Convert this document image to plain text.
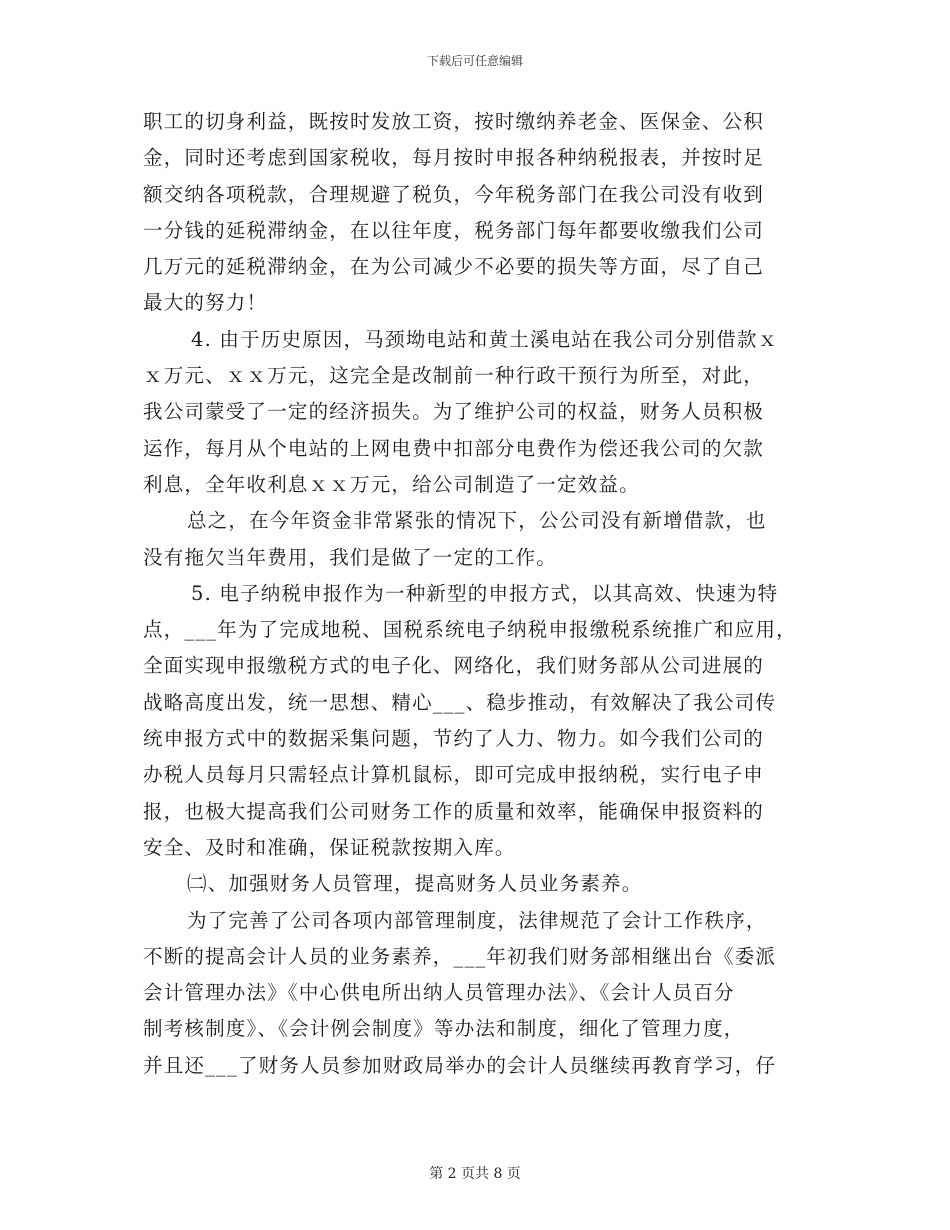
下载后可任意编辑
职工的切身利益，既按时发放工资，按时缴纳养老金、医保金、公积
金，同时还考虑到国家税收，每月按时申报各种纳税报表，并按时足
额交纳各项税款，合理规避了税负，今年税务部门在我公司没有收到
一分钱的延税滞纳金，在以往年度，税务部门每年都要收缴我们公司
几万元的延税滞纳金，在为公司减少不必要的损失等方面，尽了自己
最大的努力！
4. 由于历史原因，马颈坳电站和黄土溪电站在我公司分别借款ｘ
ｘ万元、ｘｘ万元，这完全是改制前一种行政干预行为所至，对此，
我公司蒙受了一定的经济损失。为了维护公司的权益，财务人员积极
运作，每月从个电站的上网电费中扣部分电费作为偿还我公司的欠款
利息，全年收利息ｘｘ万元，给公司制造了一定效益。
总之，在今年资金非常紧张的情况下，公公司没有新增借款，也
没有拖欠当年费用，我们是做了一定的工作。
5. 电子纳税申报作为一种新型的申报方式，以其高效、快速为特
点，___年为了完成地税、国税系统电子纳税申报缴税系统推广和应用，
全面实现申报缴税方式的电子化、网络化，我们财务部从公司进展的
战略高度出发，统一思想、精心___、稳步推动，有效解决了我公司传
统申报方式中的数据采集问题，节约了人力、物力。如今我们公司的
办税人员每月只需轻点计算机鼠标，即可完成申报纳税，实行电子申
报，也极大提高我们公司财务工作的质量和效率，能确保申报资料的
安全、及时和准确，保证税款按期入库。
㈡、加强财务人员管理，提高财务人员业务素养。
为了完善了公司各项内部管理制度，法律规范了会计工作秩序，
不断的提高会计人员的业务素养，___年初我们财务部相继出台《委派
会计管理办法》《中心供电所出纳人员管理办法》、《会计人员百分
制考核制度》、《会计例会制度》等办法和制度，细化了管理力度，
并且还___了财务人员参加财政局举办的会计人员继续再教育学习，仔
第 2 页共 8 页
